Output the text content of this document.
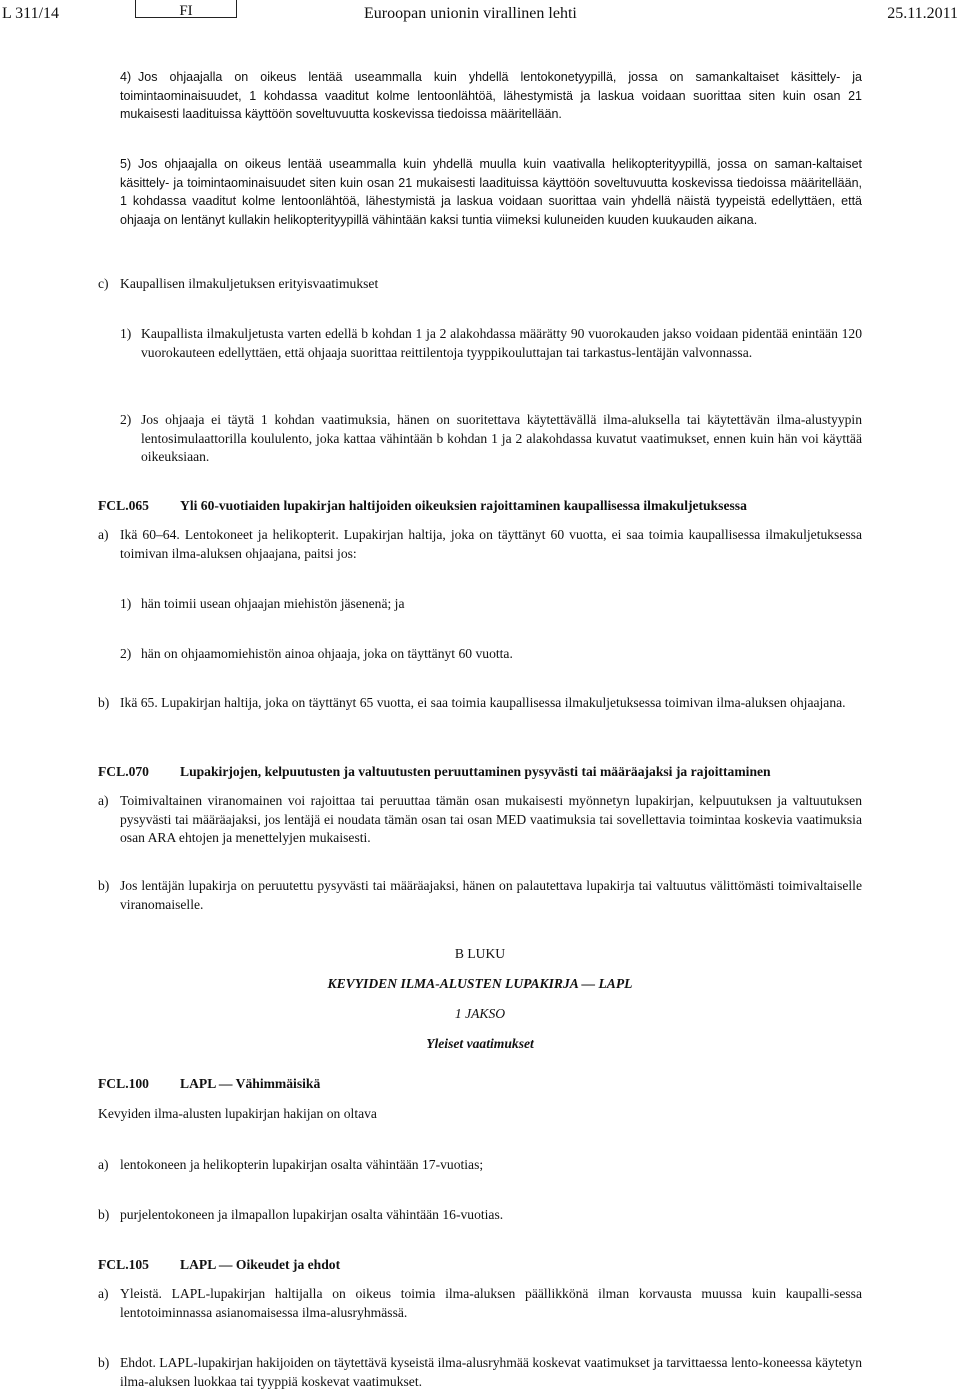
L 311/14	FI	Euroopan unionin virallinen lehti	25.11.2011
4) Jos ohjaajalla on oikeus lentää useammalla kuin yhdellä lentokonetyypillä, jossa on samankaltaiset käsittely- ja toimintaominaisuudet, 1 kohdassa vaaditut kolme lentoonlähtöä, lähestymistä ja laskua voidaan suorittaa siten kuin osan 21 mukaisesti laadituissa käyttöön soveltuvuutta koskevissa tiedoissa määritellään.
5) Jos ohjaajalla on oikeus lentää useammalla kuin yhdellä muulla kuin vaativalla helikopterityypillä, jossa on saman-kaltaiset käsittely- ja toimintaominaisuudet siten kuin osan 21 mukaisesti laadituissa käyttöön soveltuvuutta koskevissa tiedoissa määritellään, 1 kohdassa vaaditut kolme lentoonlähtöä, lähestymistä ja laskua voidaan suorittaa vain yhdellä näistä tyypeistä edellyttäen, että ohjaaja on lentänyt kullakin helikopterityypillä vähintään kaksi tuntia viimeksi kuluneiden kuuden kuukauden aikana.
c) Kaupallisen ilmakuljetuksen erityisvaatimukset
1) Kaupallista ilmakuljetusta varten edellä b kohdan 1 ja 2 alakohdassa määrätty 90 vuorokauden jakso voidaan pidentää enintään 120 vuorokauteen edellyttäen, että ohjaaja suorittaa reittilentoja tyyppikouluttajan tai tarkastus-lentäjän valvonnassa.
2) Jos ohjaaja ei täytä 1 kohdan vaatimuksia, hänen on suoritettava käytettävällä ilma-aluksella tai käytettävän ilma-alustyypin lentosimulaattorilla koululento, joka kattaa vähintään b kohdan 1 ja 2 alakohdassa kuvatut vaatimukset, ennen kuin hän voi käyttää oikeuksiaan.
FCL.065 Yli 60-vuotiaiden lupakirjan haltijoiden oikeuksien rajoittaminen kaupallisessa ilmakuljetuksessa
a) Ikä 60–64. Lentokoneet ja helikopterit. Lupakirjan haltija, joka on täyttänyt 60 vuotta, ei saa toimia kaupallisessa ilmakuljetuksessa toimivan ilma-aluksen ohjaajana, paitsi jos:
1) hän toimii usean ohjaajan miehistön jäsenenä; ja
2) hän on ohjaamomiehistön ainoa ohjaaja, joka on täyttänyt 60 vuotta.
b) Ikä 65. Lupakirjan haltija, joka on täyttänyt 65 vuotta, ei saa toimia kaupallisessa ilmakuljetuksessa toimivan ilma-aluksen ohjaajana.
FCL.070 Lupakirjojen, kelpuutusten ja valtuutusten peruuttaminen pysyvästi tai määräajaksi ja rajoittaminen
a) Toimivaltainen viranomainen voi rajoittaa tai peruuttaa tämän osan mukaisesti myönnetyn lupakirjan, kelpuutuksen ja valtuutuksen pysyvästi tai määräajaksi, jos lentäjä ei noudata tämän osan tai osan MED vaatimuksia tai sovellettavia toimintaa koskevia vaatimuksia osan ARA ehtojen ja menettelyjen mukaisesti.
b) Jos lentäjän lupakirja on peruutettu pysyvästi tai määräajaksi, hänen on palautettava lupakirja tai valtuutus välittömästi toimivaltaiselle viranomaiselle.
B LUKU
KEVYIDEN ILMA-ALUSTEN LUPAKIRJA — LAPL
1 JAKSO
Yleiset vaatimukset
FCL.100 LAPL — Vähimmäisikä
Kevyiden ilma-alusten lupakirjan hakijan on oltava
a) lentokoneen ja helikopterin lupakirjan osalta vähintään 17-vuotias;
b) purjelentokoneen ja ilmapallon lupakirjan osalta vähintään 16-vuotias.
FCL.105 LAPL — Oikeudet ja ehdot
a) Yleistä. LAPL-lupakirjan haltijalla on oikeus toimia ilma-aluksen päällikkönä ilman korvausta muussa kuin kaupalli-sessa lentotoiminnassa asianomaisessa ilma-alusryhmässä.
b) Ehdot. LAPL-lupakirjan hakijoiden on täytettävä kyseistä ilma-alusryhmää koskevat vaatimukset ja tarvittaessa lento-koneessa käytetyn ilma-aluksen luokkaa tai tyyppiä koskevat vaatimukset.
